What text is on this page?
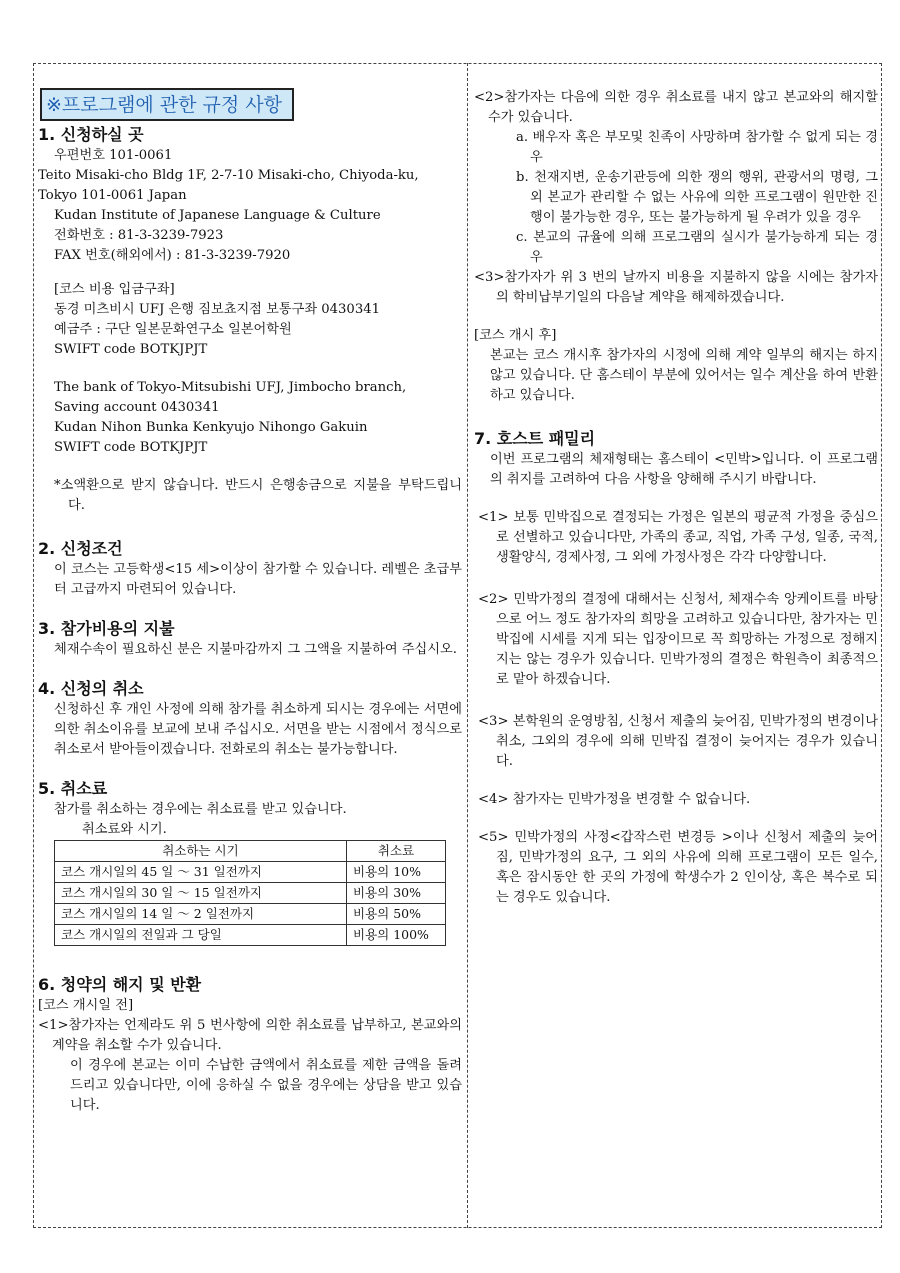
※프로그램에 관한 규정 사항
1. 신청하실 곳

우편번호 101-0061

Teito Misaki-cho Bldg 1F, 2-7-10 Misaki-cho, Chiyoda-ku,

Tokyo 101-0061 Japan

Kudan Institute of Japanese Language & Culture

전화번호 : 81-3-3239-7923

FAX 번호(해외에서) : 81-3-3239-7920

[코스 비용 입금구좌]

동경 미츠비시 UFJ 은행 짐보쵸지점 보통구좌 0430341

예금주 : 구단 일본문화연구소 일본어학원

SWIFT code BOTKJPJT

The bank of Tokyo-Mitsubishi UFJ, Jimbocho branch,

Saving account 0430341

Kudan Nihon Bunka Kenkyujo Nihongo Gakuin

SWIFT code BOTKJPJT

*소액환으로 받지 않습니다. 반드시 은행송금으로 지불을 부탁드립니다.

2. 신청조건

이 코스는 고등학생<15 세>이상이 참가할 수 있습니다. 레벨은 초급부터 고급까지 마련되어 있습니다.

3. 참가비용의 지불

체재수속이 필요하신 분은 지불마감까지 그 그액을 지불하여 주십시오.

4. 신청의 취소

신청하신 후 개인 사정에 의해 참가를 취소하게 되시는 경우에는 서면에 의한 취소이유를 보교에 보내 주십시오. 서면을 받는 시점에서 정식으로 취소로서 받아들이겠습니다. 전화로의 취소는 불가능합니다.

5. 취소료

참가를 취소하는 경우에는 취소료를 받고 있습니다.

취소료와 시기.

취소하는 시기	취소료
코스 개시일의 45 일 ～ 31 일전까지	비용의 10%
코스 개시일의 30 일 ～ 15 일전까지	비용의 30%
코스 개시일의 14 일 ～ 2 일전까지	비용의 50%
코스 개시일의 전일과 그 당일	비용의 100%
6. 청약의 해지 및 반환

[코스 개시일 전]

<1>참가자는 언제라도 위 5 번사항에 의한 취소료를 납부하고, 본교와의 계약을 취소할 수가 있습니다.

이 경우에 본교는 이미 수납한 금액에서 취소료를 제한 금액을 돌려드리고 있습니다만, 이에 응하실 수 없을 경우에는 상담을 받고 있습니다.

<2>참가자는 다음에 의한 경우 취소료를 내지 않고 본교와의 해지할 수가 있습니다.

a. 배우자 혹은 부모및 친족이 사망하며 참가할 수 없게 되는 경우

b. 천재지변, 운송기관등에 의한 쟁의 행위, 관광서의 명령, 그 외 본교가 관리할 수 없는 사유에 의한 프로그램이 원만한 진행이 불가능한 경우, 또는 불가능하게 될 우려가 있을 경우

c. 본교의 규율에 의해 프로그램의 실시가 불가능하게 되는 경우

<3>참가자가 위 3 번의 날까지 비용을 지불하지 않을 시에는 참가자의 학비납부기일의 다음날 계약을 해제하겠습니다.

[코스 개시 후]

본교는 코스 개시후 참가자의 시정에 의해 계약 일부의 해지는 하지 않고 있습니다. 단 홈스테이 부분에 있어서는 일수 계산을 하여 반환하고 있습니다.

7. 호스트 패밀리

이번 프로그램의 체재형태는 홈스테이 <민박>입니다. 이 프로그램의 취지를 고려하여 다음 사항을 양해해 주시기 바랍니다.

<1> 보통 민박집으로 결정되는 가정은 일본의 평균적 가정을 중심으로 선별하고 있습니다만, 가족의 종교, 직업, 가족 구성, 일종, 국적, 생활양식, 경제사정, 그 외에 가정사정은 각각 다양합니다.

<2> 민박가정의 결정에 대해서는 신청서, 체재수속 앙케이트를 바탕으로 어느 정도 참가자의 희망을 고려하고 있습니다만, 참가자는 민박집에 시세를 지게 되는 입장이므로 꼭 희망하는 가정으로 정해지지는 않는 경우가 있습니다. 민박가정의 결정은 학원측이 최종적으로 맡아 하겠습니다.

<3> 본학원의 운영방침, 신청서 제출의 늦어짐, 민박가정의 변경이나 취소, 그외의 경우에 의해 민박집 결정이 늦어지는 경우가 있습니다.

<4> 참가자는 민박가정을 변경할 수 없습니다.

<5> 민박가정의 사정<갑작스런 변경등 >이나 신청서 제출의 늦어짐, 민박가정의 요구, 그 외의 사유에 의해 프로그램이 모든 일수, 혹은 잠시동안 한 곳의 가정에 학생수가 2 인이상, 혹은 복수로 되는 경우도 있습니다.
